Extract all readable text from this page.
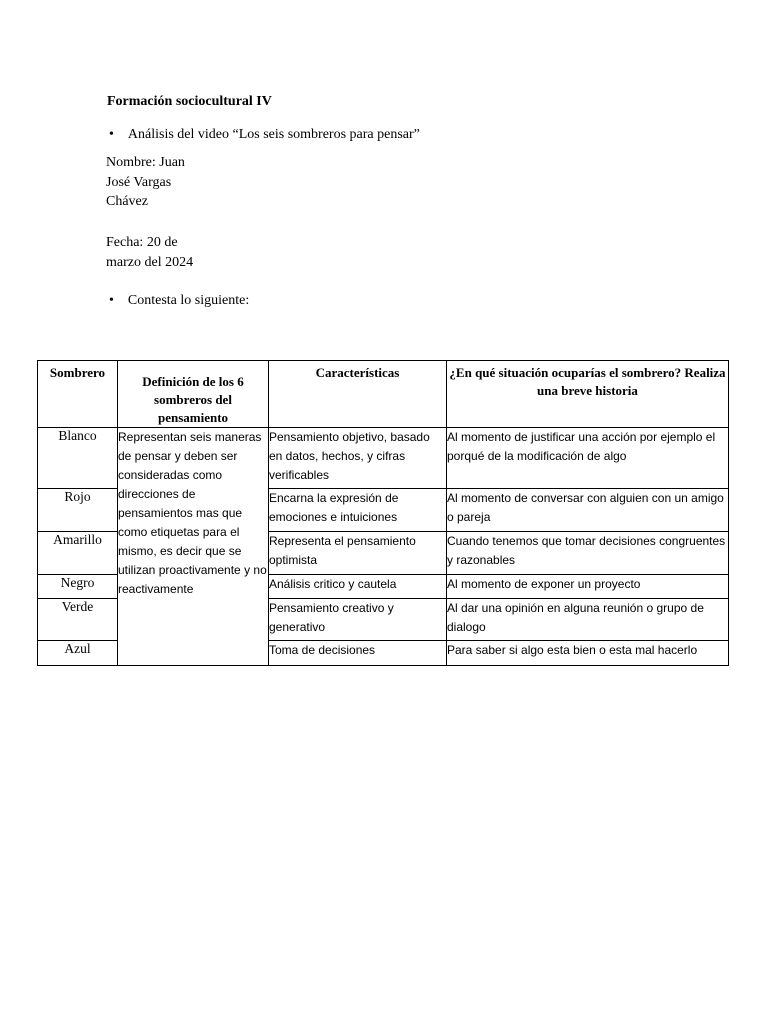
Formación sociocultural IV
• Análisis del video “Los seis sombreros para pensar”
Nombre: Juan
José Vargas
Chávez
Fecha: 20 de
marzo del 2024
• Contesta lo siguiente:
Sombrero	Definición de los 6 sombreros del pensamiento	Características	¿En qué situación ocuparías el sombrero? Realiza una breve historia
Blanco	Representan seis maneras de pensar y deben ser consideradas como direcciones de pensamientos mas que como etiquetas para el mismo, es decir que se utilizan proactivamente y no reactivamente	Pensamiento objetivo, basado en datos, hechos, y cifras verificables	Al momento de justificar una acción por ejemplo el porqué de la modificación de algo
Rojo		Encarna la expresión de emociones e intuiciones	Al momento de conversar con alguien con un amigo o pareja
Amarillo		Representa el pensamiento optimista	Cuando tenemos que tomar decisiones congruentes y razonables
Negro		Análisis critico y cautela	Al momento de exponer un proyecto
Verde		Pensamiento creativo y generativo	Al dar una opinión en alguna reunión o grupo de dialogo
Azul		Toma de decisiones	Para saber si algo esta bien o esta mal hacerlo
